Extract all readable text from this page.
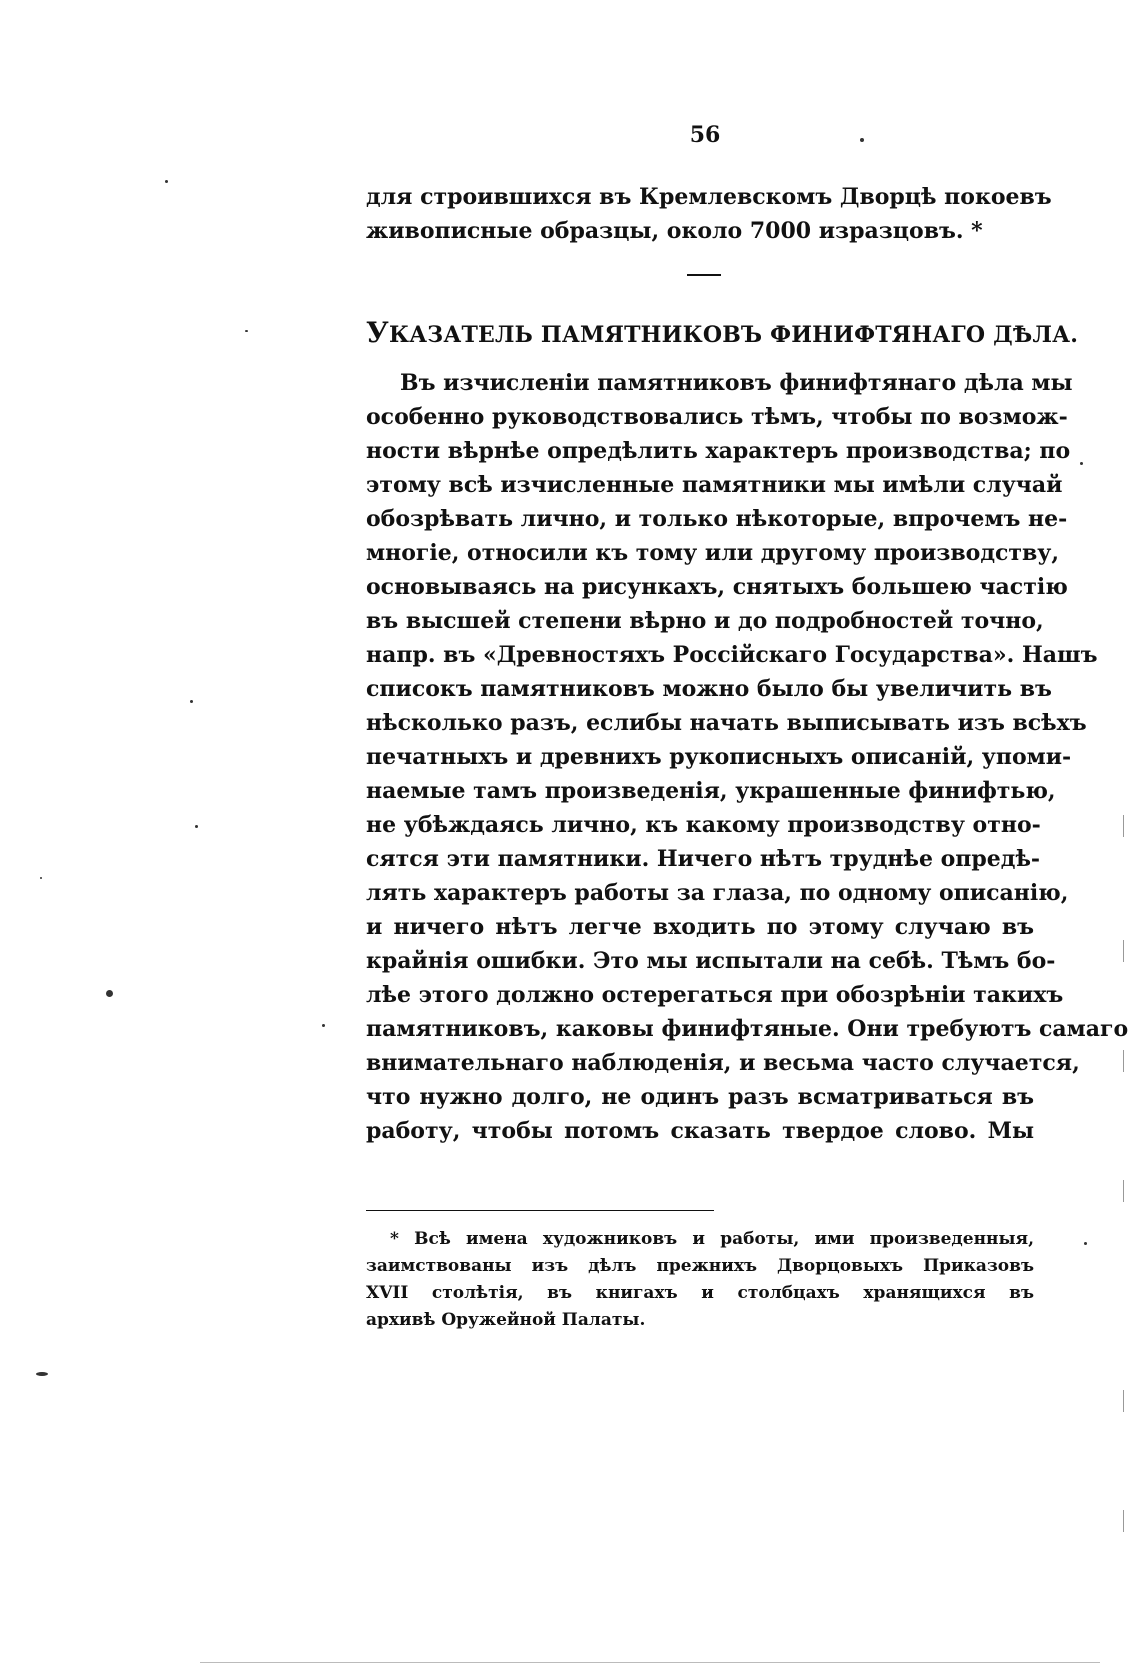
56
для строившихся въ Кремлевскомъ Дворцѣ покоевъ
живописные образцы, около 7000 изразцовъ. *
УКАЗАТЕЛЬ ПАМЯТНИКОВЪ ФИНИФТЯНАГО ДѢЛА.
Въ изчисленіи памятниковъ финифтянаго дѣла мы
особенно руководствовались тѣмъ, чтобы по возмож-
ности вѣрнѣе опредѣлить характеръ производства; по
этому всѣ изчисленные памятники мы имѣли случай
обозрѣвать лично, и только нѣкоторые, впрочемъ не-
многіе, относили къ тому или другому производству,
основываясь на рисункахъ, снятыхъ большею частію
въ высшей степени вѣрно и до подробностей точно,
напр. въ «Древностяхъ Россійскаго Государства». Нашъ
списокъ памятниковъ можно было бы увеличить въ
нѣсколько разъ, еслибы начать выписывать изъ всѣхъ
печатныхъ и древнихъ рукописныхъ описаній, упоми-
наемые тамъ произведенія, украшенные финифтью,
не убѣждаясь лично, къ какому производству отно-
сятся эти памятники. Ничего нѣтъ труднѣе опредѣ-
лять характеръ работы за глаза, по одному описанію,
и ничего нѣтъ легче входить по этому случаю въ
крайнія ошибки. Это мы испытали на себѣ. Тѣмъ бо-
лѣе этого должно остерегаться при обозрѣніи такихъ
памятниковъ, каковы финифтяные. Они требуютъ самаго
внимательнаго наблюденія, и весьма часто случается,
что нужно долго, не одинъ разъ всматриваться въ
работу, чтобы потомъ сказать твердое слово. Мы
* Всѣ имена художниковъ и работы, ими произведенныя,
заимствованы изъ дѣлъ прежнихъ Дворцовыхъ Приказовъ
XVII столѣтія, въ книгахъ и столбцахъ хранящихся въ
архивѣ Оружейной Палаты.
